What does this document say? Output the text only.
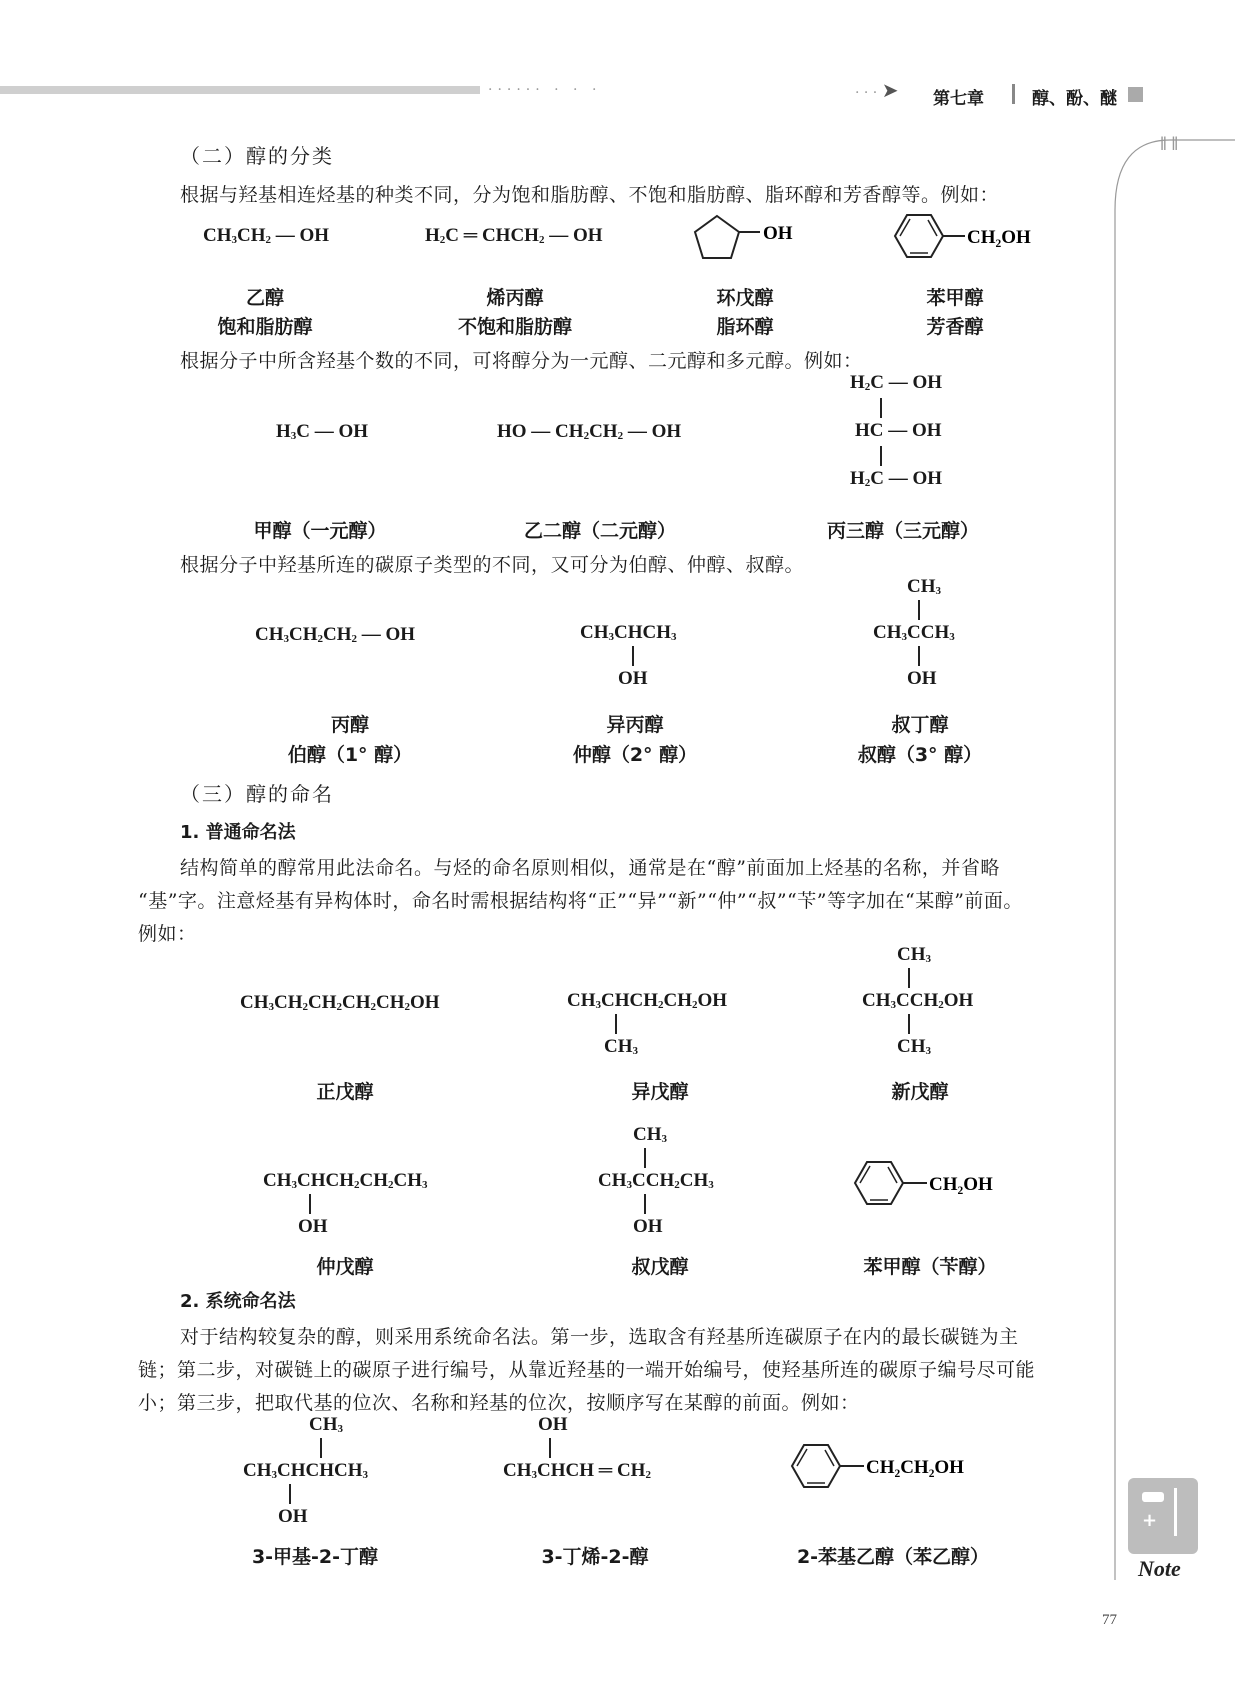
······ · · ·	· · · ➤ 第七章	醇、酚、醚
ǁ ǁ
（二）醇的分类
根据与羟基相连烃基的种类不同，分为饱和脂肪醇、不饱和脂肪醇、脂环醇和芳香醇等。例如：
$CH_3CH_2$ — OH	$H_2C$ ═ $CHCH_2$ — OH	OH	CH₂OH
乙醇
饱和脂肪醇
烯丙醇
不饱和脂肪醇
环戊醇
脂环醇
苯甲醇
芳香醇
根据分子中所含羟基个数的不同，可将醇分为一元醇、二元醇和多元醇。例如：
$H_3C$ — OH	HO — $CH_2CH_2$ — OH
$H_2C$ — OH
HC — OH
$H_2C$ — OH
甲醇（一元醇）	乙二醇（二元醇）	丙三醇（三元醇）
根据分子中羟基所连的碳原子类型的不同，又可分为伯醇、仲醇、叔醇。
$CH_3CH_2CH_2$ — OH	$CH_3CHCH_3$
OH
$CH_3$
$CH_3CCH_3$
OH
丙醇
伯醇（1° 醇）
异丙醇
仲醇（2° 醇）
叔丁醇
叔醇（3° 醇）
（三）醇的命名
1. 普通命名法
结构简单的醇常用此法命名。与烃的命名原则相似，通常是在“醇”前面加上烃基的名称，并省略
“基”字。注意烃基有异构体时，命名时需根据结构将“正”“异”“新”“仲”“叔”“苄”等字加在“某醇”前面。
例如：
$CH_3CH_2CH_2CH_2CH_2OH$	$CH_3CHCH_2CH_2OH$
$CH_3$
$CH_3$
$CH_3CCH_2OH$
$CH_3$
正戊醇	异戊醇	新戊醇
$CH_3CHCH_2CH_2CH_3$
OH
$CH_3$
$CH_3CCH_2CH_3$
OH
CH₂OH
仲戊醇	叔戊醇	苯甲醇（苄醇）
2. 系统命名法
对于结构较复杂的醇，则采用系统命名法。第一步，选取含有羟基所连碳原子在内的最长碳链为主
链；第二步，对碳链上的碳原子进行编号，从靠近羟基的一端开始编号，使羟基所连的碳原子编号尽可能
小；第三步，把取代基的位次、名称和羟基的位次，按顺序写在某醇的前面。例如：
$CH_3$
$CH_3CHCHCH_3$
OH
OH
$CH_3CHCH$ ═ $CH_2$	CH₂CH₂OH
3-甲基-2-丁醇	3-丁烯-2-醇	2-苯基乙醇（苯乙醇）
+
Note
77
